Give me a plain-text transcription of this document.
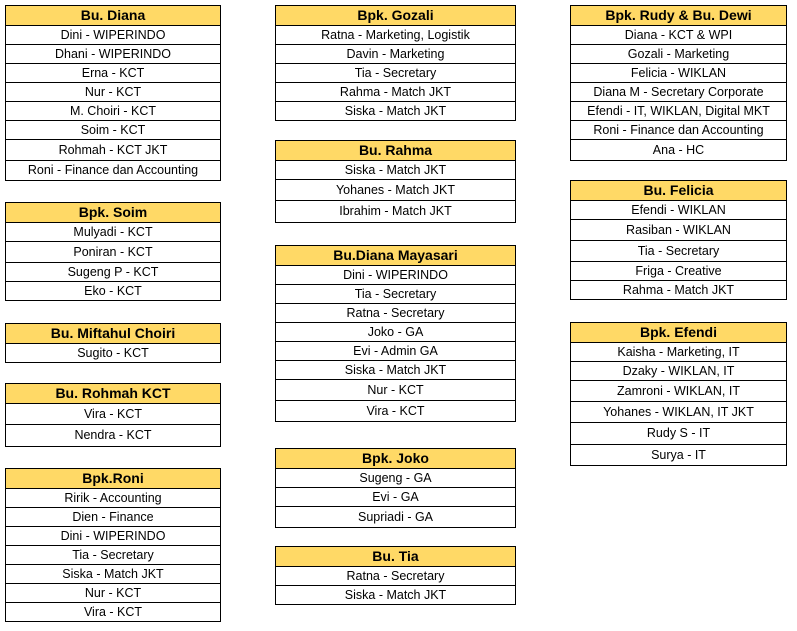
Bu. Diana
Dini - WIPERINDO
Dhani - WIPERINDO
Erna - KCT
Nur - KCT
M. Choiri - KCT
Soim - KCT
Rohmah - KCT JKT
Roni - Finance dan Accounting
Bpk. Soim
Mulyadi - KCT
Poniran - KCT
Sugeng P - KCT
Eko - KCT
Bu. Miftahul Choiri
Sugito - KCT
Bu. Rohmah KCT
Vira - KCT
Nendra - KCT
Bpk.Roni
Ririk - Accounting
Dien - Finance
Dini - WIPERINDO
Tia - Secretary
Siska - Match JKT
Nur - KCT
Vira - KCT
Bpk. Gozali
Ratna - Marketing, Logistik
Davin - Marketing
Tia - Secretary
Rahma - Match JKT
Siska - Match JKT
Bu. Rahma
Siska - Match JKT
Yohanes - Match JKT
Ibrahim - Match JKT
Bu.Diana Mayasari
Dini - WIPERINDO
Tia - Secretary
Ratna - Secretary
Joko - GA
Evi - Admin GA
Siska - Match JKT
Nur - KCT
Vira - KCT
Bpk. Joko
Sugeng - GA
Evi - GA
Supriadi - GA
Bu. Tia
Ratna - Secretary
Siska - Match JKT
Bpk. Rudy & Bu. Dewi
Diana - KCT & WPI
Gozali - Marketing
Felicia - WIKLAN
Diana M - Secretary Corporate
Efendi - IT, WIKLAN, Digital MKT
Roni - Finance dan Accounting
Ana - HC
Bu. Felicia
Efendi - WIKLAN
Rasiban - WIKLAN
Tia - Secretary
Friga - Creative
Rahma - Match JKT
Bpk. Efendi
Kaisha - Marketing, IT
Dzaky - WIKLAN, IT
Zamroni - WIKLAN, IT
Yohanes - WIKLAN, IT JKT
Rudy S - IT
Surya - IT
